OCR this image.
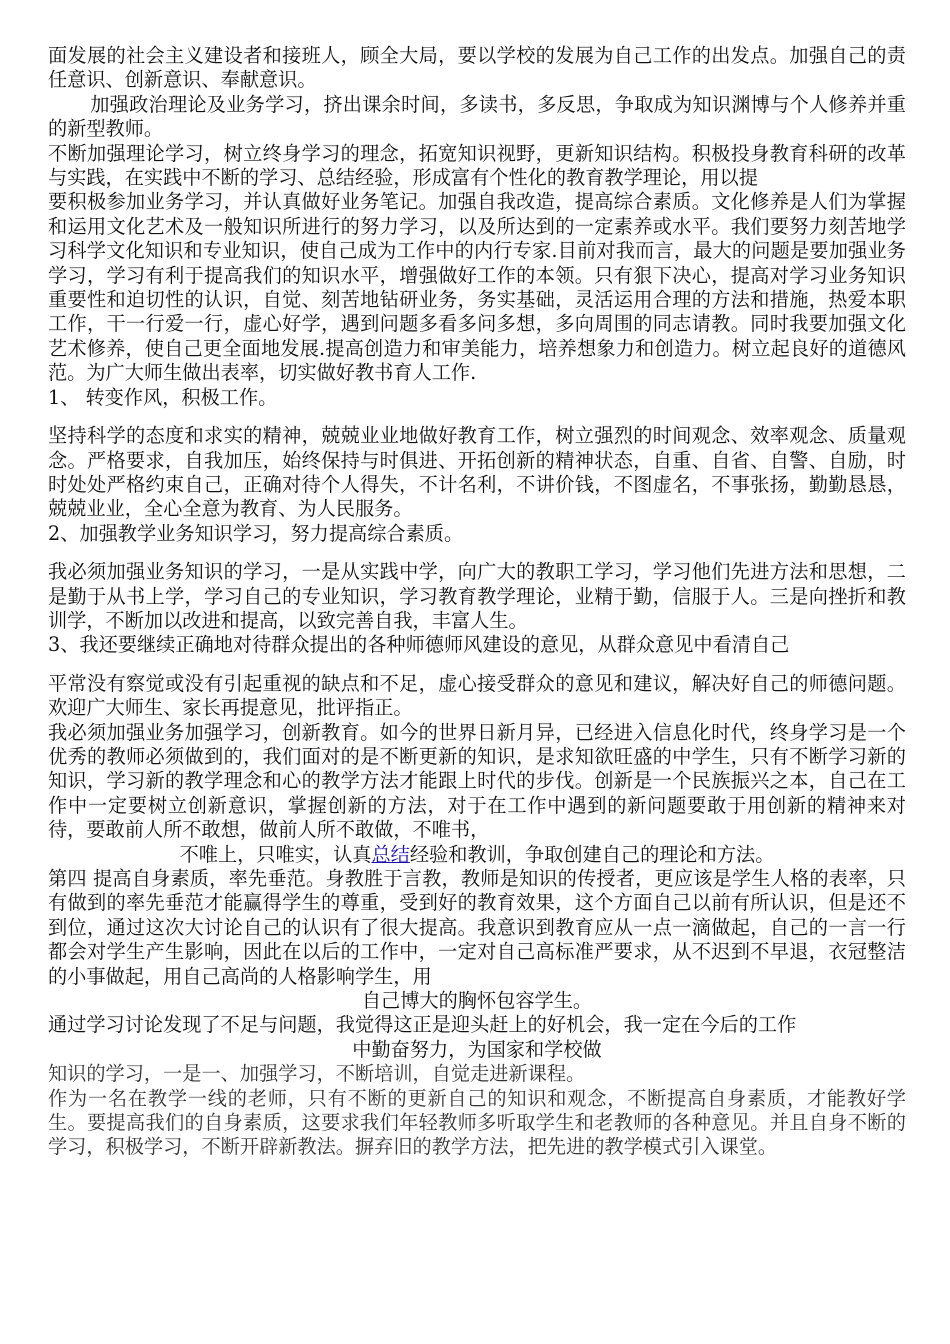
面发展的社会主义建设者和接班人，顾全大局，要以学校的发展为自己工作的出发点。加强自己的责任意识、创新意识、奉献意识。

加强政治理论及业务学习，挤出课余时间，多读书，多反思，争取成为知识渊博与个人修养并重的新型教师。

不断加强理论学习，树立终身学习的理念，拓宽知识视野，更新知识结构。积极投身教育科研的改革与实践，在实践中不断的学习、总结经验，形成富有个性化的教育教学理论，用以提

要积极参加业务学习，并认真做好业务笔记。加强自我改造，提高综合素质。文化修养是人们为掌握和运用文化艺术及一般知识所进行的努力学习，以及所达到的一定素养或水平。我们要努力刻苦地学习科学文化知识和专业知识，使自己成为工作中的内行专家.目前对我而言，最大的问题是要加强业务学习，学习有利于提高我们的知识水平，增强做好工作的本领。只有狠下决心，提高对学习业务知识重要性和迫切性的认识，自觉、刻苦地钻研业务，务实基础，灵活运用合理的方法和措施，热爱本职工作，干一行爱一行，虚心好学，遇到问题多看多问多想，多向周围的同志请教。同时我要加强文化艺术修养，使自己更全面地发展.提高创造力和审美能力，培养想象力和创造力。树立起良好的道德风范。为广大师生做出表率，切实做好教书育人工作.

1、 转变作风，积极工作。

坚持科学的态度和求实的精神，兢兢业业地做好教育工作，树立强烈的时间观念、效率观念、质量观念。严格要求，自我加压，始终保持与时俱进、开拓创新的精神状态，自重、自省、自警、自励，时时处处严格约束自己，正确对待个人得失，不计名利，不讲价钱，不图虚名，不事张扬，勤勤恳恳，兢兢业业，全心全意为教育、为人民服务。

2、加强教学业务知识学习，努力提高综合素质。

我必须加强业务知识的学习，一是从实践中学，向广大的教职工学习，学习他们先进方法和思想，二是勤于从书上学，学习自己的专业知识，学习教育教学理论，业精于勤，信服于人。三是向挫折和教训学，不断加以改进和提高，以致完善自我，丰富人生。

3、我还要继续正确地对待群众提出的各种师德师风建设的意见，从群众意见中看清自己

平常没有察觉或没有引起重视的缺点和不足，虚心接受群众的意见和建议，解决好自己的师德问题。欢迎广大师生、家长再提意见，批评指正。

我必须加强业务加强学习，创新教育。如今的世界日新月异，已经进入信息化时代，终身学习是一个优秀的教师必须做到的，我们面对的是不断更新的知识，是求知欲旺盛的中学生，只有不断学习新的知识，学习新的教学理念和心的教学方法才能跟上时代的步伐。创新是一个民族振兴之本，自己在工作中一定要树立创新意识，掌握创新的方法，对于在工作中遇到的新问题要敢于用创新的精神来对待，要敢前人所不敢想，做前人所不敢做，不唯书，

不唯上，只唯实，认真总结经验和教训，争取创建自己的理论和方法。

第四 提高自身素质，率先垂范。身教胜于言教，教师是知识的传授者，更应该是学生人格的表率，只有做到的率先垂范才能赢得学生的尊重，受到好的教育效果，这个方面自己以前有所认识，但是还不到位，通过这次大讨论自己的认识有了很大提高。我意识到教育应从一点一滴做起，自己的一言一行都会对学生产生影响，因此在以后的工作中，一定对自己高标准严要求，从不迟到不早退，衣冠整洁的小事做起，用自己高尚的人格影响学生，用

自己博大的胸怀包容学生。

通过学习讨论发现了不足与问题，我觉得这正是迎头赶上的好机会，我一定在今后的工作

中勤奋努力，为国家和学校做

知识的学习，一是一、加强学习，不断培训，自觉走进新课程。

作为一名在教学一线的老师，只有不断的更新自己的知识和观念，不断提高自身素质，才能教好学生。要提高我们的自身素质，这要求我们年轻教师多听取学生和老教师的各种意见。并且自身不断的学习，积极学习，不断开辟新教法。摒弃旧的教学方法，把先进的教学模式引入课堂。
